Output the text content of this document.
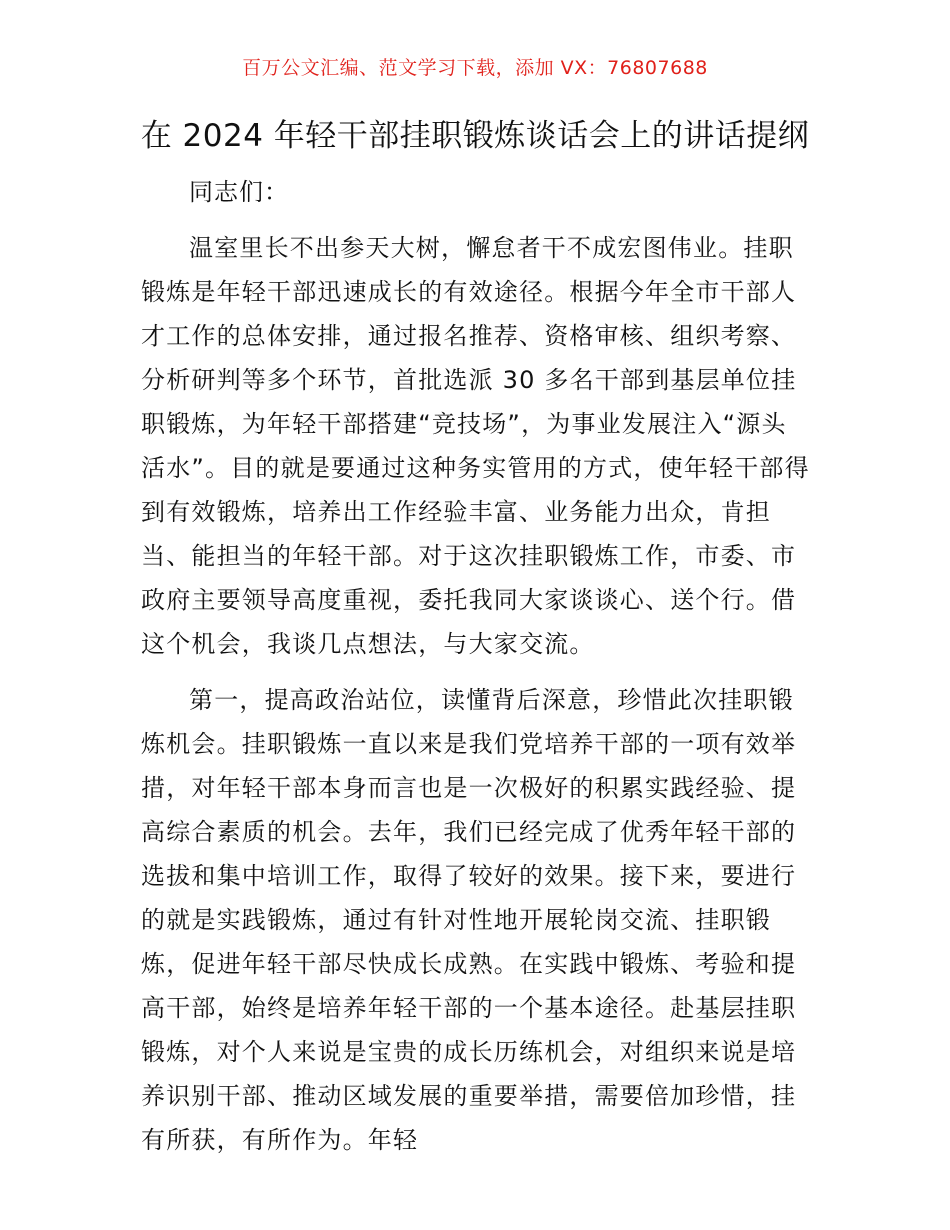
百万公文汇编、范文学习下载，添加 VX：76807688
在 2024 年轻干部挂职锻炼谈话会上的讲话提纲

同志们：

温室里长不出参天大树，懈怠者干不成宏图伟业。挂职锻炼是年轻干部迅速成长的有效途径。根据今年全市干部人才工作的总体安排，通过报名推荐、资格审核、组织考察、分析研判等多个环节，首批选派 30 多名干部到基层单位挂职锻炼，为年轻干部搭建“竞技场”，为事业发展注入“源头活水”。目的就是要通过这种务实管用的方式，使年轻干部得到有效锻炼，培养出工作经验丰富、业务能力出众，肯担当、能担当的年轻干部。对于这次挂职锻炼工作，市委、市政府主要领导高度重视，委托我同大家谈谈心、送个行。借这个机会，我谈几点想法，与大家交流。

第一，提高政治站位，读懂背后深意，珍惜此次挂职锻炼机会。挂职锻炼一直以来是我们党培养干部的一项有效举措，对年轻干部本身而言也是一次极好的积累实践经验、提高综合素质的机会。去年，我们已经完成了优秀年轻干部的选拔和集中培训工作，取得了较好的效果。接下来，要进行的就是实践锻炼，通过有针对性地开展轮岗交流、挂职锻炼，促进年轻干部尽快成长成熟。在实践中锻炼、考验和提高干部，始终是培养年轻干部的一个基本途径。赴基层挂职锻炼，对个人来说是宝贵的成长历练机会，对组织来说是培养识别干部、推动区域发展的重要举措，需要倍加珍惜，挂有所获，有所作为。年轻
